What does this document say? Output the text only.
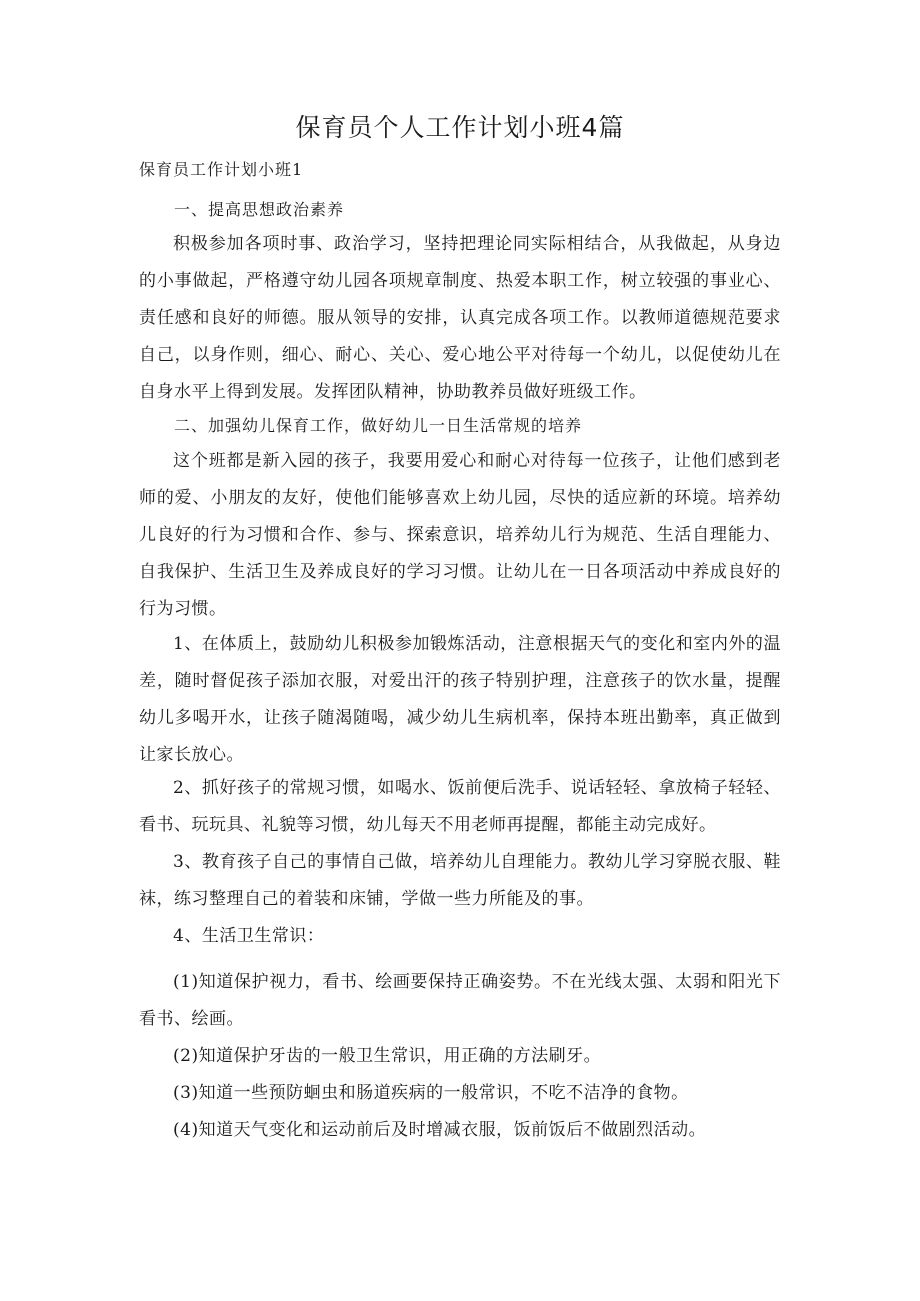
保育员个人工作计划小班4篇
保育员工作计划小班1
一、提高思想政治素养
积极参加各项时事、政治学习，坚持把理论同实际相结合，从我做起，从身边的小事做起，严格遵守幼儿园各项规章制度、热爱本职工作，树立较强的事业心、责任感和良好的师德。服从领导的安排，认真完成各项工作。以教师道德规范要求自己，以身作则，细心、耐心、关心、爱心地公平对待每一个幼儿，以促使幼儿在自身水平上得到发展。发挥团队精神，协助教养员做好班级工作。
二、加强幼儿保育工作，做好幼儿一日生活常规的培养
这个班都是新入园的孩子，我要用爱心和耐心对待每一位孩子，让他们感到老师的爱、小朋友的友好，使他们能够喜欢上幼儿园，尽快的适应新的环境。培养幼儿良好的行为习惯和合作、参与、探索意识，培养幼儿行为规范、生活自理能力、自我保护、生活卫生及养成良好的学习习惯。让幼儿在一日各项活动中养成良好的行为习惯。
1、在体质上，鼓励幼儿积极参加锻炼活动，注意根据天气的变化和室内外的温差，随时督促孩子添加衣服，对爱出汗的孩子特别护理，注意孩子的饮水量，提醒幼儿多喝开水，让孩子随渴随喝，减少幼儿生病机率，保持本班出勤率，真正做到让家长放心。
2、抓好孩子的常规习惯，如喝水、饭前便后洗手、说话轻轻、拿放椅子轻轻、看书、玩玩具、礼貌等习惯，幼儿每天不用老师再提醒，都能主动完成好。
3、教育孩子自己的事情自己做，培养幼儿自理能力。教幼儿学习穿脱衣服、鞋袜，练习整理自己的着装和床铺，学做一些力所能及的事。
4、生活卫生常识：
(1)知道保护视力，看书、绘画要保持正确姿势。不在光线太强、太弱和阳光下看书、绘画。
(2)知道保护牙齿的一般卫生常识，用正确的方法刷牙。
(3)知道一些预防蛔虫和肠道疾病的一般常识，不吃不洁净的食物。
(4)知道天气变化和运动前后及时增减衣服，饭前饭后不做剧烈活动。
